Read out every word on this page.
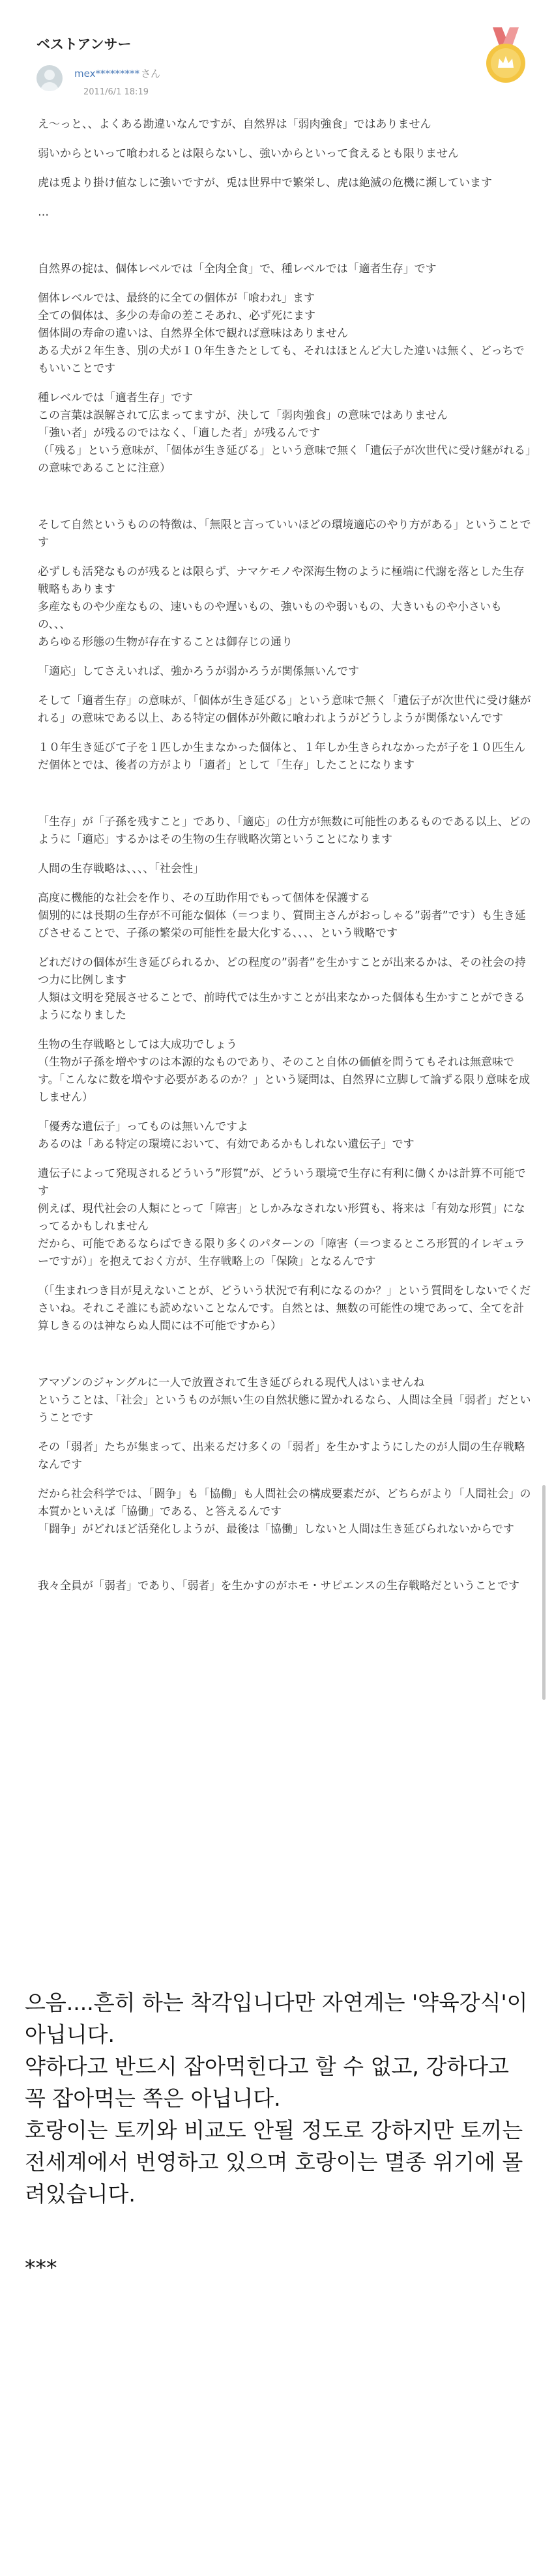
ベストアンサー
mex********* さん
2011/6/1 18:19

え〜っと、、よくある勘違いなんですが、自然界は「弱肉強食」ではありません

弱いからといって喰われるとは限らないし、強いからといって食えるとも限りません

虎は兎より掛け値なしに強いですが、兎は世界中で繁栄し、虎は絶滅の危機に瀕しています

…

自然界の掟は、個体レベルでは「全肉全食」で、種レベルでは「適者生存」です

個体レベルでは、最終的に全ての個体が「喰われ」ます
全ての個体は、多少の寿命の差こそあれ、必ず死にます
個体間の寿命の違いは、自然界全体で観れば意味はありません
ある犬が２年生き、別の犬が１０年生きたとしても、それはほとんど大した違いは無く、どっちでもいいことです

種レベルでは「適者生存」です
この言葉は誤解されて広まってますが、決して「弱肉強食」の意味ではありません
「強い者」が残るのではなく、「適した者」が残るんです
（「残る」という意味が、「個体が生き延びる」という意味で無く「遺伝子が次世代に受け継がれる」の意味であることに注意）

そして自然というものの特徴は、「無限と言っていいほどの環境適応のやり方がある」ということです

必ずしも活発なものが残るとは限らず、ナマケモノや深海生物のように極端に代謝を落とした生存戦略もあります
多産なものや少産なもの、速いものや遅いもの、強いものや弱いもの、大きいものや小さいもの、、、
あらゆる形態の生物が存在することは御存じの通り

「適応」してさえいれば、強かろうが弱かろうが関係無いんです

そして「適者生存」の意味が、「個体が生き延びる」という意味で無く「遺伝子が次世代に受け継がれる」の意味である以上、ある特定の個体が外敵に喰われようがどうしようが関係ないんです

１０年生き延びて子を１匹しか生まなかった個体と、１年しか生きられなかったが子を１０匹生んだ個体とでは、後者の方がより「適者」として「生存」したことになります

「生存」が「子孫を残すこと」であり、「適応」の仕方が無数に可能性のあるものである以上、どのように「適応」するかはその生物の生存戦略次第ということになります

人間の生存戦略は、、、、「社会性」

高度に機能的な社会を作り、その互助作用でもって個体を保護する
個別的には長期の生存が不可能な個体（＝つまり、質問主さんがおっしゃる”弱者”です）も生き延びさせることで、子孫の繁栄の可能性を最大化する、、、、という戦略です

どれだけの個体が生き延びられるか、どの程度の”弱者”を生かすことが出来るかは、その社会の持つ力に比例します
人類は文明を発展させることで、前時代では生かすことが出来なかった個体も生かすことができるようになりました

生物の生存戦略としては大成功でしょう
（生物が子孫を増やすのは本源的なものであり、そのこと自体の価値を問うてもそれは無意味です。「こんなに数を増やす必要があるのか？」という疑問は、自然界に立脚して論ずる限り意味を成しません）

「優秀な遺伝子」ってものは無いんですよ
あるのは「ある特定の環境において、有効であるかもしれない遺伝子」です

遺伝子によって発現されるどういう”形質”が、どういう環境で生存に有利に働くかは計算不可能です
例えば、現代社会の人類にとって「障害」としかみなされない形質も、将来は「有効な形質」になってるかもしれません
だから、可能であるならばできる限り多くのパターンの「障害（＝つまるところ形質的イレギュラーですが）」を抱えておく方が、生存戦略上の「保険」となるんです

（「生まれつき目が見えないことが、どういう状況で有利になるのか？」という質問をしないでくださいね。それこそ誰にも読めないことなんです。自然とは、無数の可能性の塊であって、全てを計算しきるのは神ならぬ人間には不可能ですから）

アマゾンのジャングルに一人で放置されて生き延びられる現代人はいませんね
ということは、「社会」というものが無い生の自然状態に置かれるなら、人間は全員「弱者」だということです

その「弱者」たちが集まって、出来るだけ多くの「弱者」を生かすようにしたのが人間の生存戦略なんです

だから社会科学では、「闘争」も「協働」も人間社会の構成要素だが、どちらがより「人間社会」の本質かといえば「協働」である、と答えるんです
「闘争」がどれほど活発化しようが、最後は「協働」しないと人間は生き延びられないからです

我々全員が「弱者」であり、「弱者」を生かすのがホモ・サピエンスの生存戦略だということです

으음....흔히 하는 착각입니다만 자연계는 '약육강식'이 아닙니다.
약하다고 반드시 잡아먹힌다고 할 수 없고, 강하다고 꼭 잡아먹는 쪽은 아닙니다.
호랑이는 토끼와 비교도 안될 정도로 강하지만 토끼는 전세계에서 번영하고 있으며 호랑이는 멸종 위기에 몰려있습니다.

***
